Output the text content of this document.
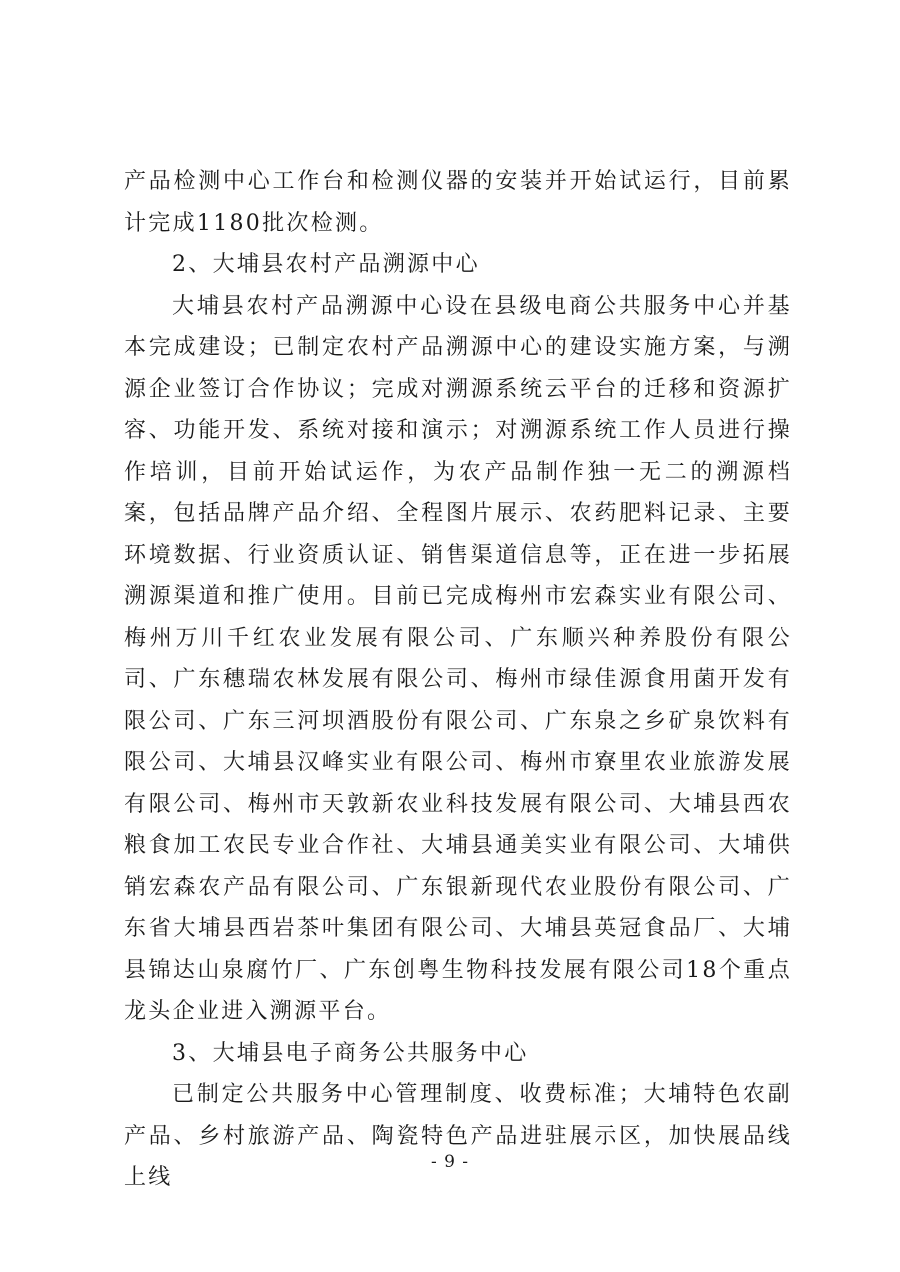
产品检测中心工作台和检测仪器的安装并开始试运行，目前累计完成1180批次检测。

2、大埔县农村产品溯源中心

大埔县农村产品溯源中心设在县级电商公共服务中心并基本完成建设；已制定农村产品溯源中心的建设实施方案，与溯源企业签订合作协议；完成对溯源系统云平台的迁移和资源扩容、功能开发、系统对接和演示；对溯源系统工作人员进行操作培训，目前开始试运作，为农产品制作独一无二的溯源档案，包括品牌产品介绍、全程图片展示、农药肥料记录、主要环境数据、行业资质认证、销售渠道信息等，正在进一步拓展溯源渠道和推广使用。目前已完成梅州市宏森实业有限公司、梅州万川千红农业发展有限公司、广东顺兴种养股份有限公司、广东穗瑞农林发展有限公司、梅州市绿佳源食用菌开发有限公司、广东三河坝酒股份有限公司、广东泉之乡矿泉饮料有限公司、大埔县汉峰实业有限公司、梅州市寮里农业旅游发展有限公司、梅州市天敦新农业科技发展有限公司、大埔县西农粮食加工农民专业合作社、大埔县通美实业有限公司、大埔供销宏森农产品有限公司、广东银新现代农业股份有限公司、广东省大埔县西岩茶叶集团有限公司、大埔县英冠食品厂、大埔县锦达山泉腐竹厂、广东创粤生物科技发展有限公司18个重点龙头企业进入溯源平台。

3、大埔县电子商务公共服务中心

已制定公共服务中心管理制度、收费标准；大埔特色农副产品、乡村旅游产品、陶瓷特色产品进驻展示区，加快展品线上线

- 9 -
